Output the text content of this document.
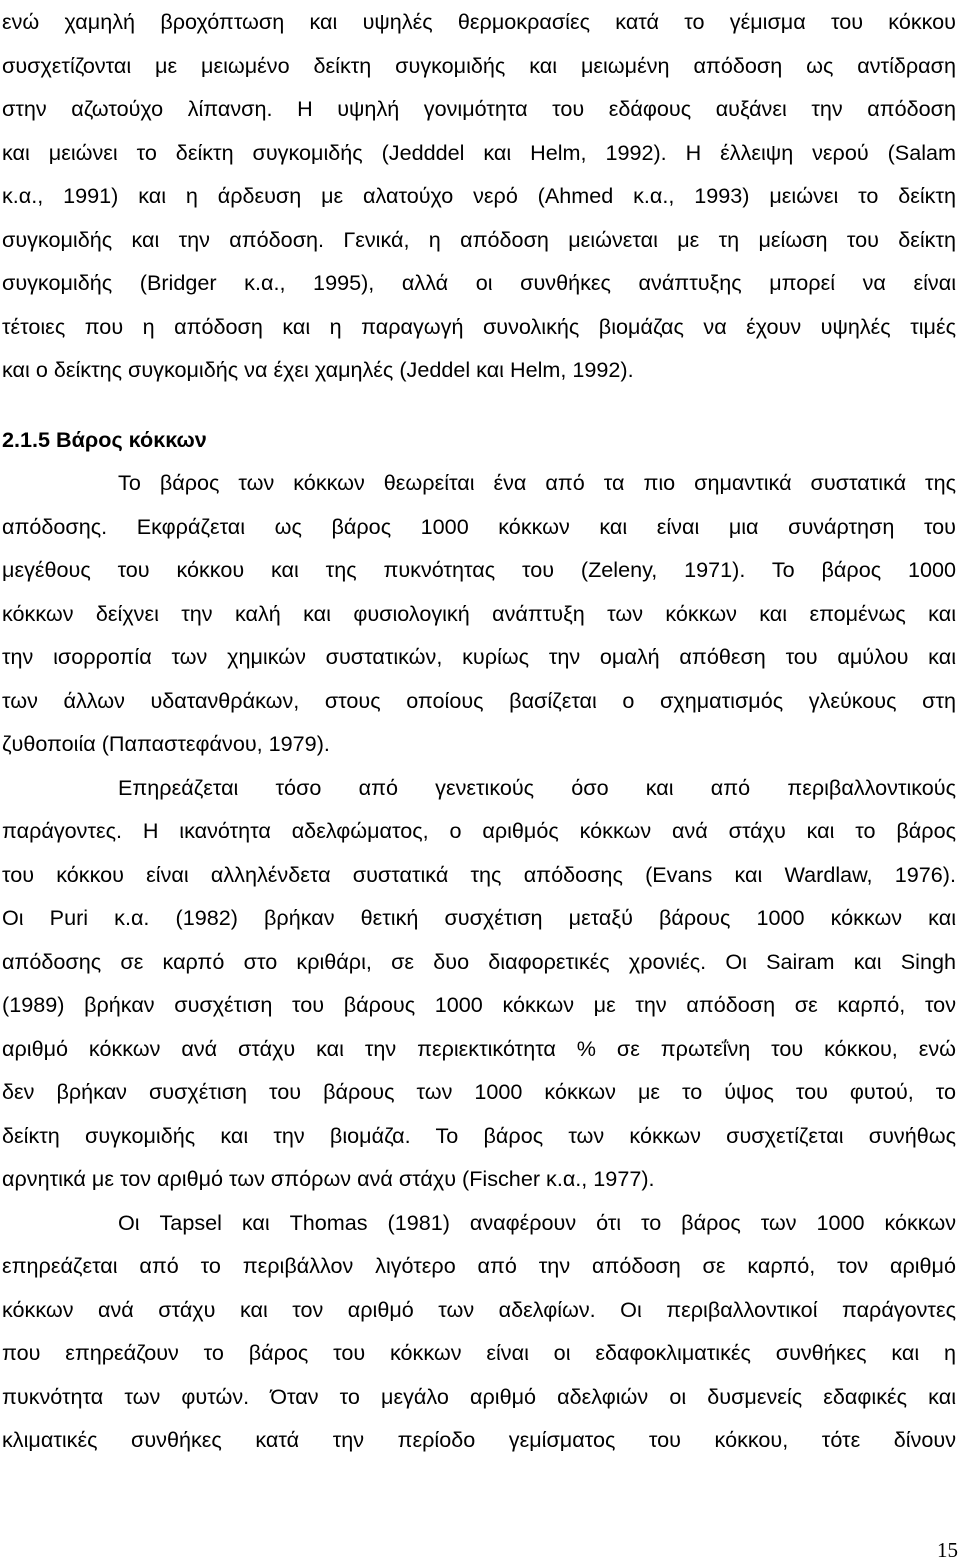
ενώ χαμηλή βροχόπτωση και υψηλές θερμοκρασίες κατά το γέμισμα του κόκκου
συσχετίζονται με μειωμένο δείκτη συγκομιδής και μειωμένη απόδοση ως αντίδραση
στην αζωτούχο λίπανση. Η υψηλή γονιμότητα του εδάφους αυξάνει την απόδοση
και μειώνει το δείκτη συγκομιδής (Jedddel και Helm, 1992). Η έλλειψη νερού (Salam
κ.α., 1991) και η άρδευση με αλατούχο νερό (Ahmed κ.α., 1993) μειώνει το δείκτη
συγκομιδής και την απόδοση. Γενικά, η απόδοση μειώνεται με τη μείωση του δείκτη
συγκομιδής (Bridger κ.α., 1995), αλλά οι συνθήκες ανάπτυξης μπορεί να είναι
τέτοιες που η απόδοση και η παραγωγή συνολικής βιομάζας να έχουν υψηλές τιμές
και ο δείκτης συγκομιδής να έχει χαμηλές (Jeddel και Helm, 1992).
2.1.5 Βάρος κόκκων
Το βάρος των κόκκων θεωρείται ένα από τα πιο σημαντικά συστατικά της
απόδοσης. Εκφράζεται ως βάρος 1000 κόκκων και είναι μια συνάρτηση του
μεγέθους του κόκκου και της πυκνότητας του (Zeleny, 1971). Το βάρος 1000
κόκκων δείχνει την καλή και φυσιολογική ανάπτυξη των κόκκων και επομένως και
την ισορροπία των χημικών συστατικών, κυρίως την ομαλή απόθεση του αμύλου και
των άλλων υδατανθράκων, στους οποίους βασίζεται ο σχηματισμός γλεύκους στη
ζυθοποιία (Παπαστεφάνου, 1979).
Επηρεάζεται τόσο από γενετικούς όσο και από περιβαλλοντικούς
παράγοντες. Η ικανότητα αδελφώματος, ο αριθμός κόκκων ανά στάχυ και το βάρος
του κόκκου είναι αλληλένδετα συστατικά της απόδοσης (Evans και Wardlaw, 1976).
Οι Puri κ.α. (1982) βρήκαν θετική συσχέτιση μεταξύ βάρους 1000 κόκκων και
απόδοσης σε καρπό στο κριθάρι, σε δυο διαφορετικές χρονιές. Οι Sairam και Singh
(1989) βρήκαν συσχέτιση του βάρους 1000 κόκκων με την απόδοση σε καρπό, τον
αριθμό κόκκων ανά στάχυ και την περιεκτικότητα % σε πρωτεΐνη του κόκκου, ενώ
δεν βρήκαν συσχέτιση του βάρους των 1000 κόκκων με το ύψος του φυτού, το
δείκτη συγκομιδής και την βιομάζα. Το βάρος των κόκκων συσχετίζεται συνήθως
αρνητικά με τον αριθμό των σπόρων ανά στάχυ (Fischer κ.α., 1977).
Οι Tapsel και Thomas (1981) αναφέρουν ότι το βάρος των 1000 κόκκων
επηρεάζεται από το περιβάλλον λιγότερο από την απόδοση σε καρπό, τον αριθμό
κόκκων ανά στάχυ και τον αριθμό των αδελφίων. Οι περιβαλλοντικοί παράγοντες
που επηρεάζουν το βάρος του κόκκων είναι οι εδαφοκλιματικές συνθήκες και η
πυκνότητα των φυτών. Όταν το μεγάλο αριθμό αδελφιών οι δυσμενείς εδαφικές και
κλιματικές συνθήκες κατά την περίοδο γεμίσματος του κόκκου, τότε δίνουν
15
